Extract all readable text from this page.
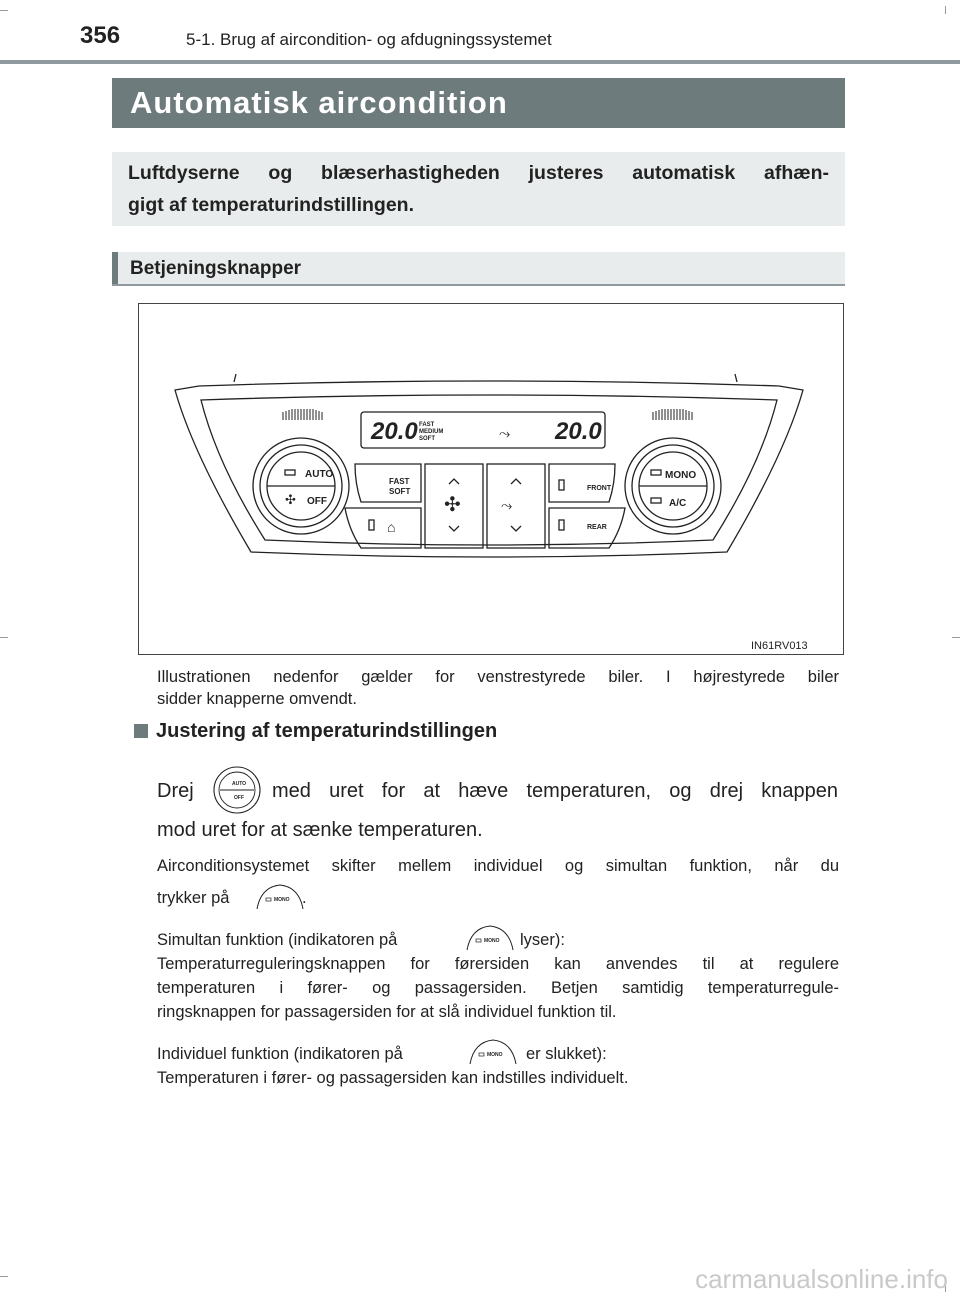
356	5-1. Brug af aircondition- og afdugningssystemet
Automatisk aircondition
Luftdyserne og blæserhastigheden justeres automatisk afhæn-
gigt af temperaturindstillingen.
Betjeningsknapper
✣
✣
⌂
⤳
20.0	20.0
FAST
MEDIUM
SOFT	⤳
AUTO
OFF
MONO
A/C
FAST
SOFT	FRONT
REAR
IN61RV013
Illustrationen nedenfor gælder for venstrestyrede biler. I højrestyrede biler
sidder knapperne omvendt.
Justering af temperaturindstillingen
Drej	AUTO
OFF med uret for at hæve temperaturen, og drej knappen
mod uret for at sænke temperaturen.
Airconditionsystemet skifter mellem individuel og simultan funktion, når du
trykker på	MONO .
Simultan funktion (indikatoren på	MONO lyser):
Temperaturreguleringsknappen for førersiden kan anvendes til at regulere
temperaturen i fører- og passagersiden. Betjen samtidig temperaturregule-
ringsknappen for passagersiden for at slå individuel funktion til.
Individuel funktion (indikatoren på	MONO er slukket):
Temperaturen i fører- og passagersiden kan indstilles individuelt.
carmanualsonline.info
